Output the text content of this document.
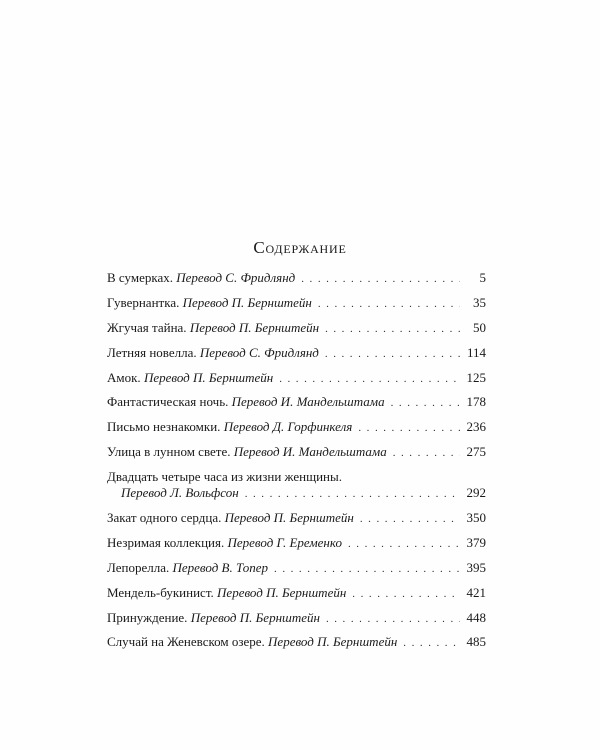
Содержание
В сумерках.
Перевод С. Фридлянд . . .	5
Гувернантка.
Перевод П. Бернштейн . . .	35
Жгучая тайна.
Перевод П. Бернштейн . . .	50
Летняя новелла.
Перевод С. Фридлянд . . .	114
Амок.
Перевод П. Бернштейн . . .	125
Фантастическая ночь.
Перевод И. Мандельштама . . .	178
Письмо незнакомки.
Перевод Д. Горфинкеля . . .	236
Улица в лунном свете.
Перевод И. Мандельштама . . .	275
Двадцать четыре часа из жизни женщины.
Перевод Л. Вольфсон . . .	292
Закат одного сердца.
Перевод П. Бернштейн . . .	350
Незримая коллекция.
Перевод Г. Еременко . . .	379
Лепорелла.
Перевод В. Топер . . .	395
Мендель-букинист.
Перевод П. Бернштейн . . .	421
Принуждение.
Перевод П. Бернштейн . . .	448
Случай на Женевском озере.
Перевод П. Бернштейн . . .	485
